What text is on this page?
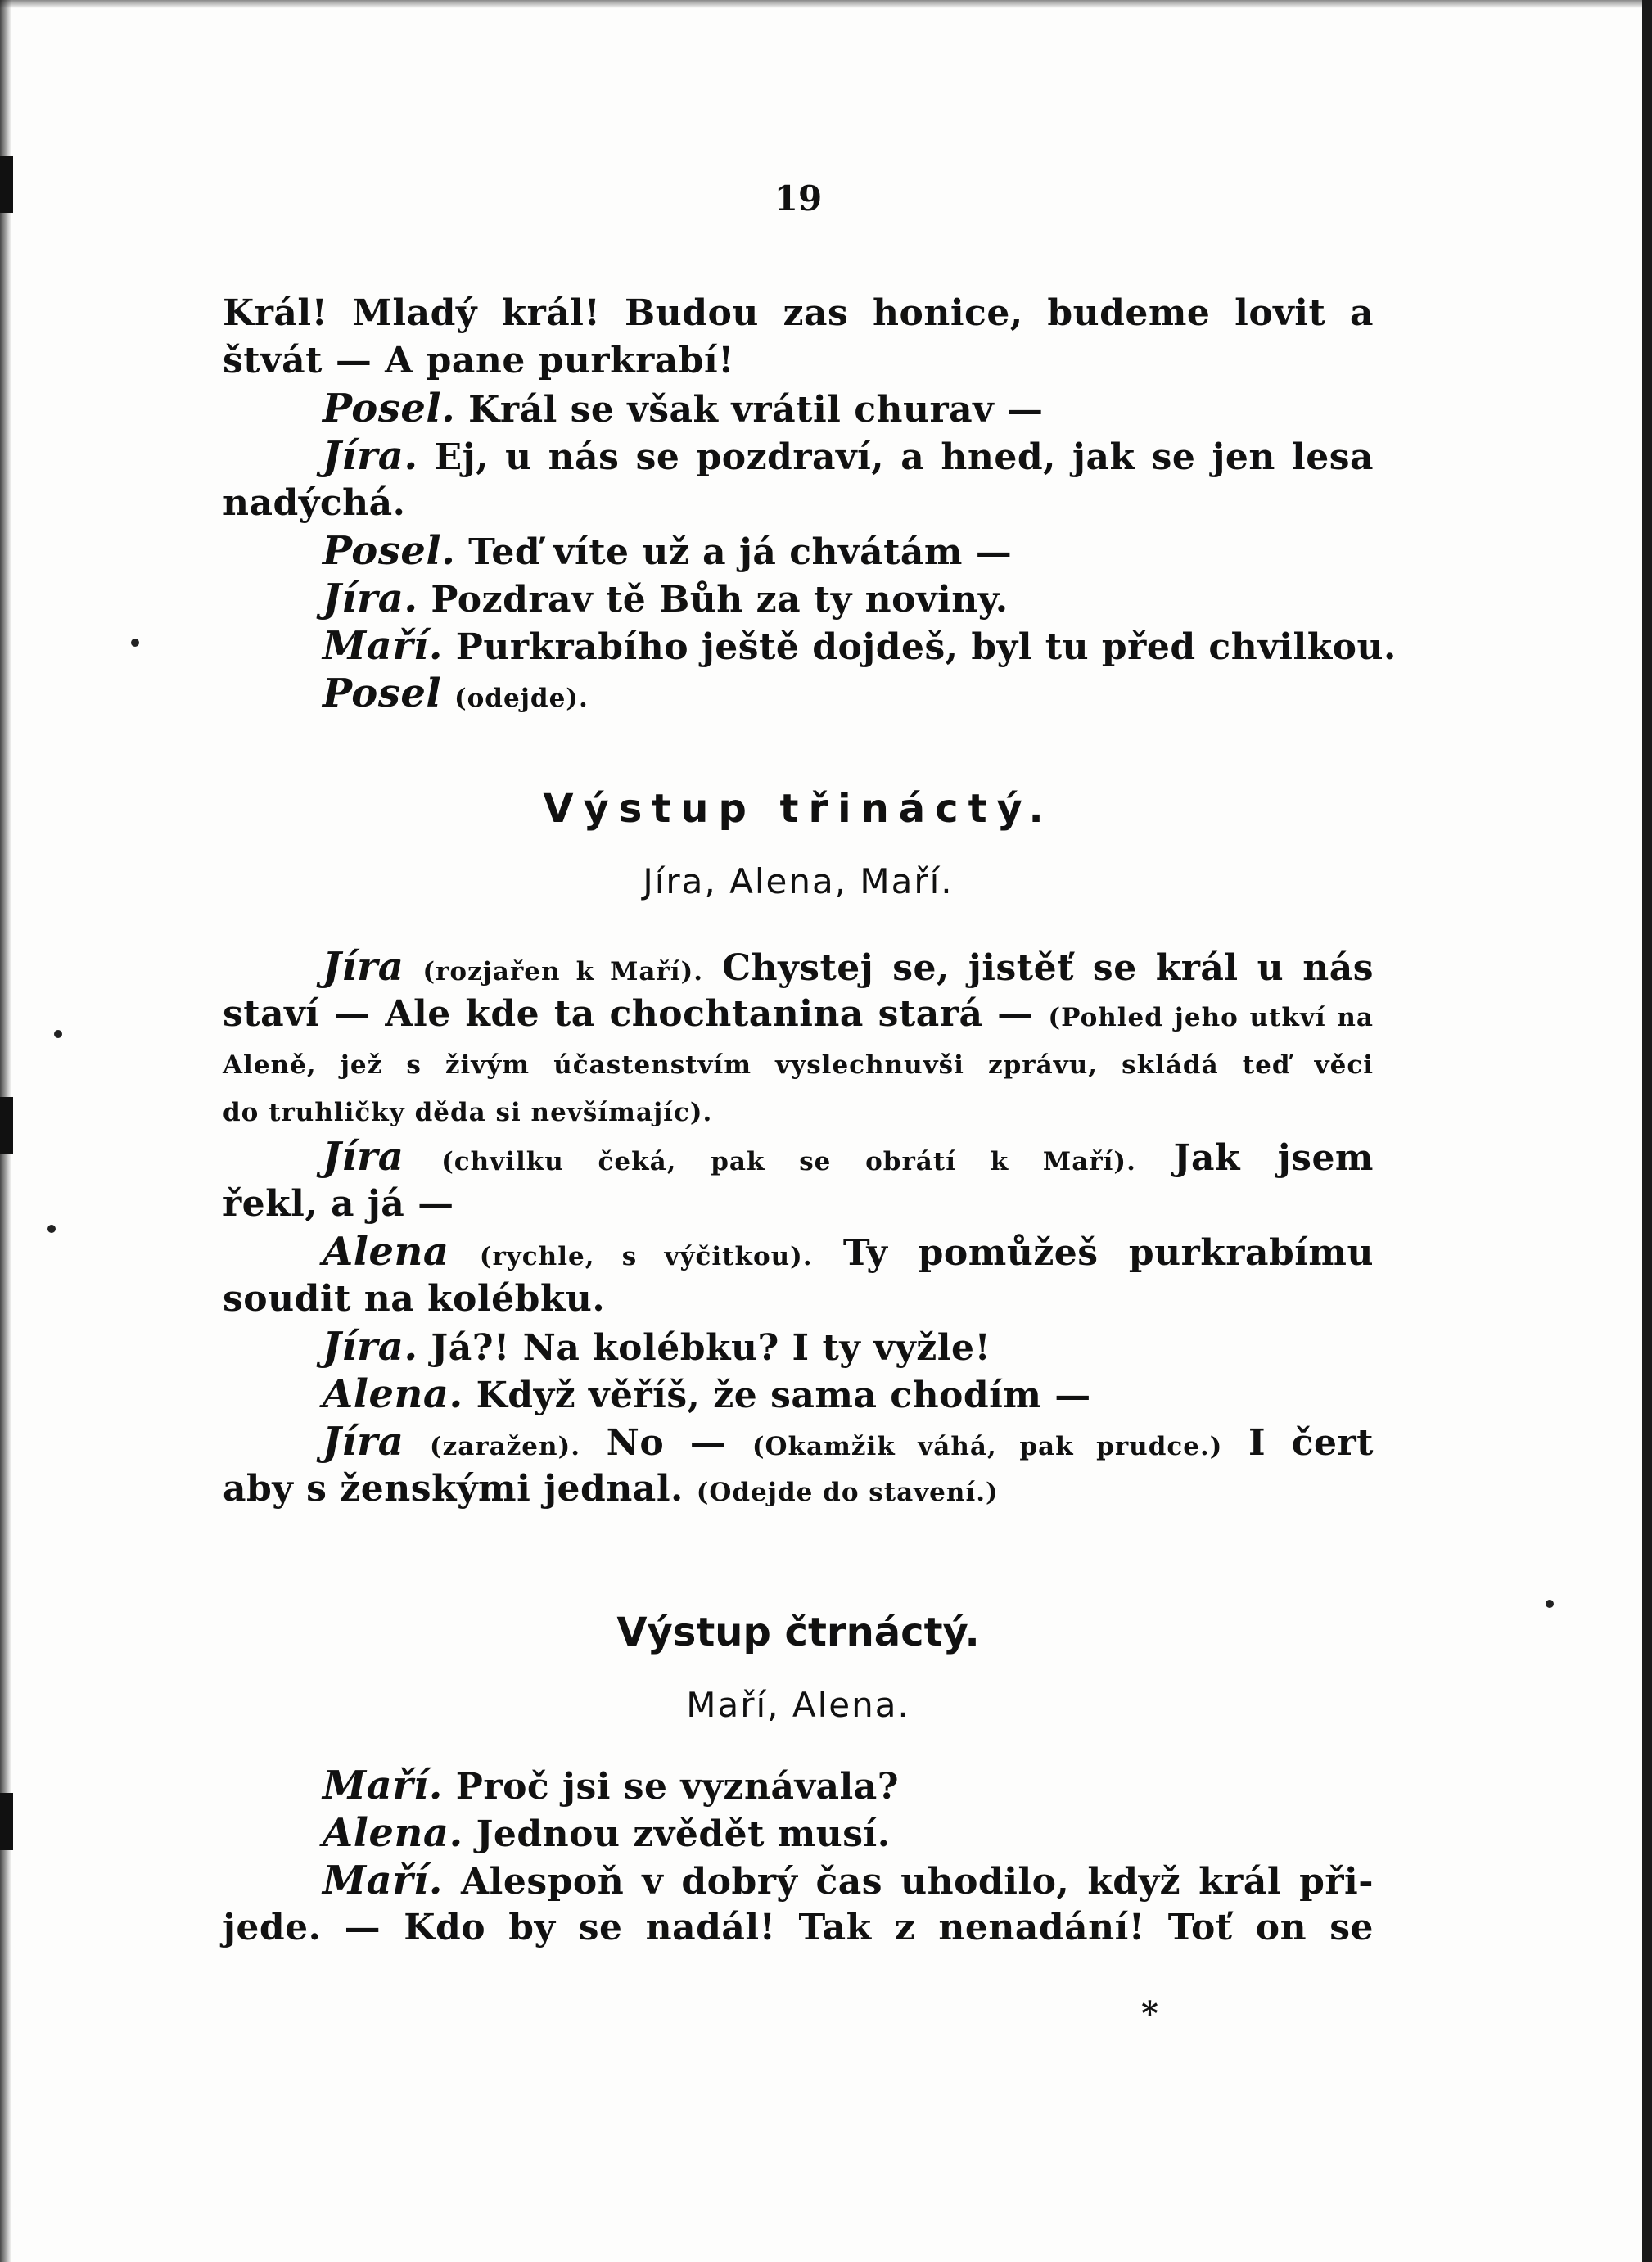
19
Král! Mladý král! Budou zas honice, budeme lovit a
štvát — A pane purkrabí!
Posel. Král se však vrátil churav —
Jíra. Ej, u nás se pozdraví, a hned, jak se jen lesa
nadýchá.
Posel. Teď víte už a já chvátám —
Jíra. Pozdrav tě Bůh za ty noviny.
Maří. Purkrabího ještě dojdeš, byl tu před chvilkou.
Posel (odejde).
Výstup třináctý.
Jíra, Alena, Maří.
Jíra (rozjařen k Maří). Chystej se, jistěť se král u nás
staví — Ale kde ta chochtanina stará — (Pohled jeho utkví na
Aleně, jež s živým účastenstvím vyslechnuvši zprávu, skládá teď věci
do truhličky děda si nevšímajíc).
Jíra (chvilku čeká, pak se obrátí k Maří). Jak jsem
řekl, a já —
Alena (rychle, s výčitkou). Ty pomůžeš purkrabímu
soudit na kolébku.
Jíra. Já?! Na kolébku? I ty vyžle!
Alena. Když věříš, že sama chodím —
Jíra (zaražen). No — (Okamžik váhá, pak prudce.) I čert
aby s ženskými jednal. (Odejde do stavení.)
Výstup čtrnáctý.
Maří, Alena.
Maří. Proč jsi se vyznávala?
Alena. Jednou zvědět musí.
Maří. Alespoň v dobrý čas uhodilo, když král při-
jede. — Kdo by se nadál! Tak z nenadání! Toť on se
*
